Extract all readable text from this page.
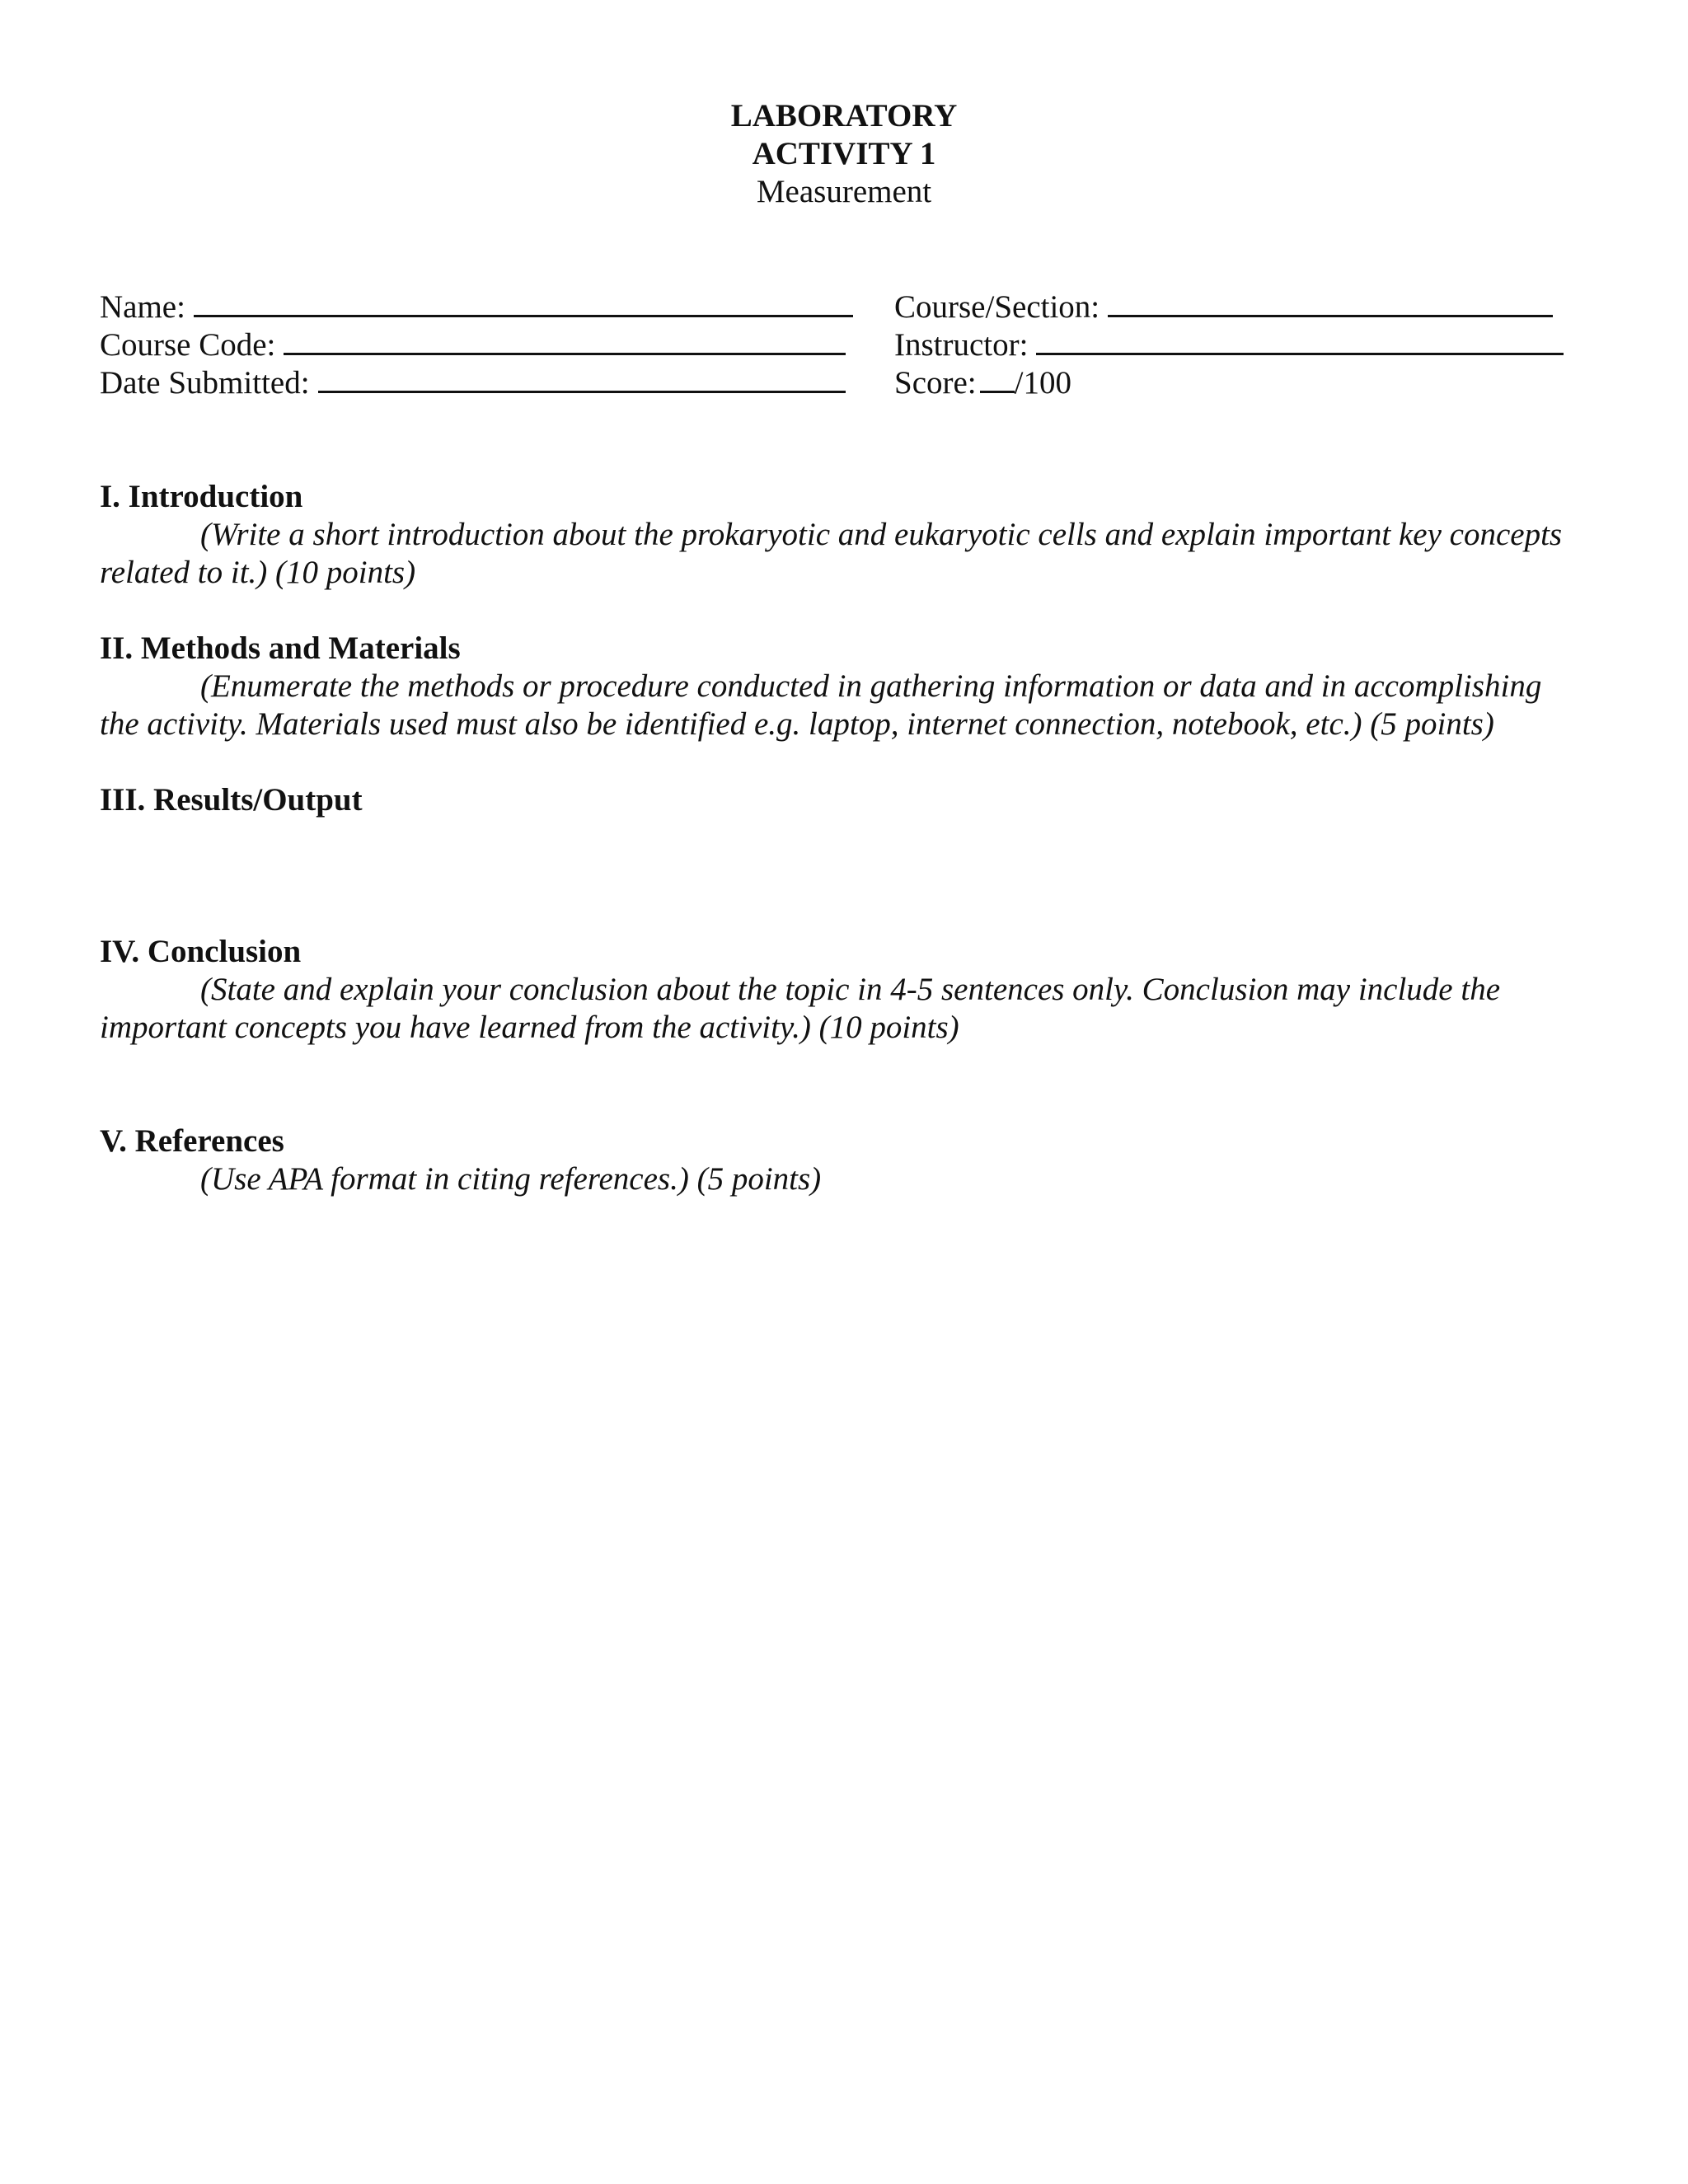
LABORATORY
ACTIVITY 1
Measurement
Name:
Course Code:
Date Submitted:
Course/Section:
Instructor:
Score: /100
I. Introduction

(Write a short introduction about the prokaryotic and eukaryotic cells and explain important key concepts related to it.) (10 points)

II. Methods and Materials

(Enumerate the methods or procedure conducted in gathering information or data and in accomplishing the activity. Materials used must also be identified e.g. laptop, internet connection, notebook, etc.) (5 points)

III. Results/Output
IV. Conclusion

(State and explain your conclusion about the topic in 4-5 sentences only. Conclusion may include the important concepts you have learned from the activity.) (10 points)

V. References

(Use APA format in citing references.) (5 points)
